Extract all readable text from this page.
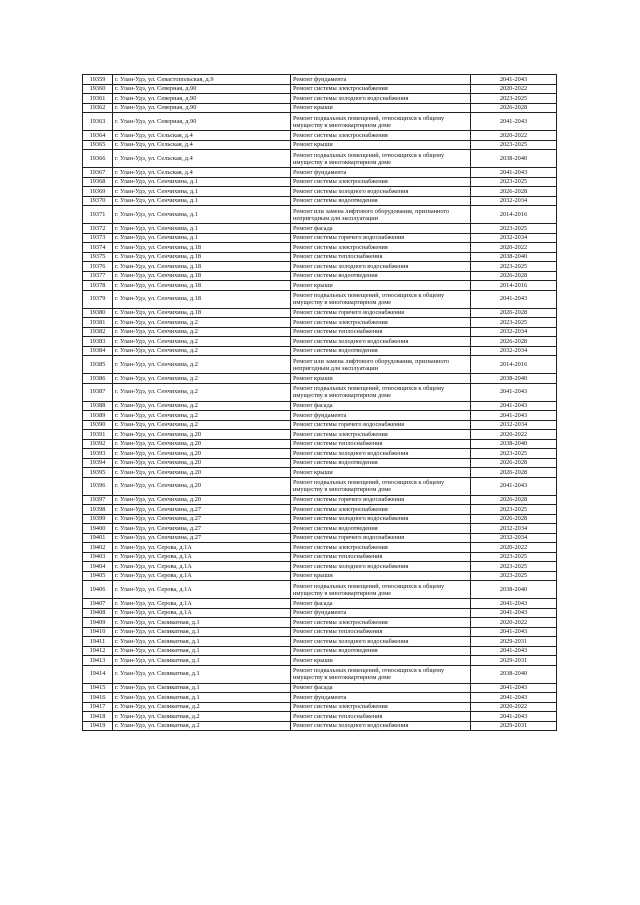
19359	г. Улан-Удэ, ул. Севастопольская, д.9	Ремонт фундамента	2041-2043
19360	г. Улан-Удэ, ул. Северная, д.90	Ремонт системы электроснабжения	2020-2022
19361	г. Улан-Удэ, ул. Северная, д.90	Ремонт системы холодного водоснабжения	2023-2025
19362	г. Улан-Удэ, ул. Северная, д.90	Ремонт крыши	2026-2028
19363	г. Улан-Удэ, ул. Северная, д.90	Ремонт подвальных помещений, относящихся к общему имуществу в многоквартирном доме	2041-2043
19364	г. Улан-Удэ, ул. Сельская, д.4	Ремонт системы электроснабжения	2020-2022
19365	г. Улан-Удэ, ул. Сельская, д.4	Ремонт крыши	2023-2025
19366	г. Улан-Удэ, ул. Сельская, д.4	Ремонт подвальных помещений, относящихся к общему имуществу в многоквартирном доме	2038-2040
19367	г. Улан-Удэ, ул. Сельская, д.4	Ремонт фундамента	2041-2043
19368	г. Улан-Удэ, ул. Сенчихина, д.1	Ремонт системы электроснабжения	2023-2025
19369	г. Улан-Удэ, ул. Сенчихина, д.1	Ремонт системы холодного водоснабжения	2026-2028
19370	г. Улан-Удэ, ул. Сенчихина, д.1	Ремонт системы водоотведения	2032-2034
19371	г. Улан-Удэ, ул. Сенчихина, д.1	Ремонт или замена лифтового оборудования, признанного непригодным для эксплуатации	2014-2016
19372	г. Улан-Удэ, ул. Сенчихина, д.1	Ремонт фасада	2023-2025
19373	г. Улан-Удэ, ул. Сенчихина, д.1	Ремонт системы горячего водоснабжения	2032-2034
19374	г. Улан-Удэ, ул. Сенчихина, д.18	Ремонт системы электроснабжения	2020-2022
19375	г. Улан-Удэ, ул. Сенчихина, д.18	Ремонт системы теплоснабжения	2038-2040
19376	г. Улан-Удэ, ул. Сенчихина, д.18	Ремонт системы холодного водоснабжения	2023-2025
19377	г. Улан-Удэ, ул. Сенчихина, д.18	Ремонт системы водоотведения	2026-2028
19378	г. Улан-Удэ, ул. Сенчихина, д.18	Ремонт крыши	2014-2016
19379	г. Улан-Удэ, ул. Сенчихина, д.18	Ремонт подвальных помещений, относящихся к общему имуществу в многоквартирном доме	2041-2043
19380	г. Улан-Удэ, ул. Сенчихина, д.18	Ремонт системы горячего водоснабжения	2026-2028
19381	г. Улан-Удэ, ул. Сенчихина, д.2	Ремонт системы электроснабжения	2023-2025
19382	г. Улан-Удэ, ул. Сенчихина, д.2	Ремонт системы теплоснабжения	2032-2034
19383	г. Улан-Удэ, ул. Сенчихина, д.2	Ремонт системы холодного водоснабжения	2026-2028
19384	г. Улан-Удэ, ул. Сенчихина, д.2	Ремонт системы водоотведения	2032-2034
19385	г. Улан-Удэ, ул. Сенчихина, д.2	Ремонт или замена лифтового оборудования, признанного непригодным для эксплуатации	2014-2016
19386	г. Улан-Удэ, ул. Сенчихина, д.2	Ремонт крыши	2038-2040
19387	г. Улан-Удэ, ул. Сенчихина, д.2	Ремонт подвальных помещений, относящихся к общему имуществу в многоквартирном доме	2041-2043
19388	г. Улан-Удэ, ул. Сенчихина, д.2	Ремонт фасада	2041-2043
19389	г. Улан-Удэ, ул. Сенчихина, д.2	Ремонт фундамента	2041-2043
19390	г. Улан-Удэ, ул. Сенчихина, д.2	Ремонт системы горячего водоснабжения	2032-2034
19391	г. Улан-Удэ, ул. Сенчихина, д.20	Ремонт системы электроснабжения	2020-2022
19392	г. Улан-Удэ, ул. Сенчихина, д.20	Ремонт системы теплоснабжения	2038-2040
19393	г. Улан-Удэ, ул. Сенчихина, д.20	Ремонт системы холодного водоснабжения	2023-2025
19394	г. Улан-Удэ, ул. Сенчихина, д.20	Ремонт системы водоотведения	2026-2028
19395	г. Улан-Удэ, ул. Сенчихина, д.20	Ремонт крыши	2026-2028
19396	г. Улан-Удэ, ул. Сенчихина, д.20	Ремонт подвальных помещений, относящихся к общему имуществу в многоквартирном доме	2041-2043
19397	г. Улан-Удэ, ул. Сенчихина, д.20	Ремонт системы горячего водоснабжения	2026-2028
19398	г. Улан-Удэ, ул. Сенчихина, д.27	Ремонт системы электроснабжения	2023-2025
19399	г. Улан-Удэ, ул. Сенчихина, д.27	Ремонт системы холодного водоснабжения	2026-2028
19400	г. Улан-Удэ, ул. Сенчихина, д.27	Ремонт системы водоотведения	2032-2034
19401	г. Улан-Удэ, ул. Сенчихина, д.27	Ремонт системы горячего водоснабжения	2032-2034
19402	г. Улан-Удэ, ул. Серова, д.1А	Ремонт системы электроснабжения	2020-2022
19403	г. Улан-Удэ, ул. Серова, д.1А	Ремонт системы теплоснабжения	2023-2025
19404	г. Улан-Удэ, ул. Серова, д.1А	Ремонт системы холодного водоснабжения	2023-2025
19405	г. Улан-Удэ, ул. Серова, д.1А	Ремонт крыши	2023-2025
19406	г. Улан-Удэ, ул. Серова, д.1А	Ремонт подвальных помещений, относящихся к общему имуществу в многоквартирном доме	2038-2040
19407	г. Улан-Удэ, ул. Серова, д.1А	Ремонт фасада	2041-2043
19408	г. Улан-Удэ, ул. Серова, д.1А	Ремонт фундамента	2041-2043
19409	г. Улан-Удэ, ул. Силикатная, д.1	Ремонт системы электроснабжения	2020-2022
19410	г. Улан-Удэ, ул. Силикатная, д.1	Ремонт системы теплоснабжения	2041-2043
19411	г. Улан-Удэ, ул. Силикатная, д.1	Ремонт системы холодного водоснабжения	2029-2031
19412	г. Улан-Удэ, ул. Силикатная, д.1	Ремонт системы водоотведения	2041-2043
19413	г. Улан-Удэ, ул. Силикатная, д.1	Ремонт крыши	2029-2031
19414	г. Улан-Удэ, ул. Силикатная, д.1	Ремонт подвальных помещений, относящихся к общему имуществу в многоквартирном доме	2038-2040
19415	г. Улан-Удэ, ул. Силикатная, д.1	Ремонт фасада	2041-2043
19416	г. Улан-Удэ, ул. Силикатная, д.1	Ремонт фундамента	2041-2043
19417	г. Улан-Удэ, ул. Силикатная, д.2	Ремонт системы электроснабжения	2020-2022
19418	г. Улан-Удэ, ул. Силикатная, д.2	Ремонт системы теплоснабжения	2041-2043
19419	г. Улан-Удэ, ул. Силикатная, д.2	Ремонт системы холодного водоснабжения	2029-2031
